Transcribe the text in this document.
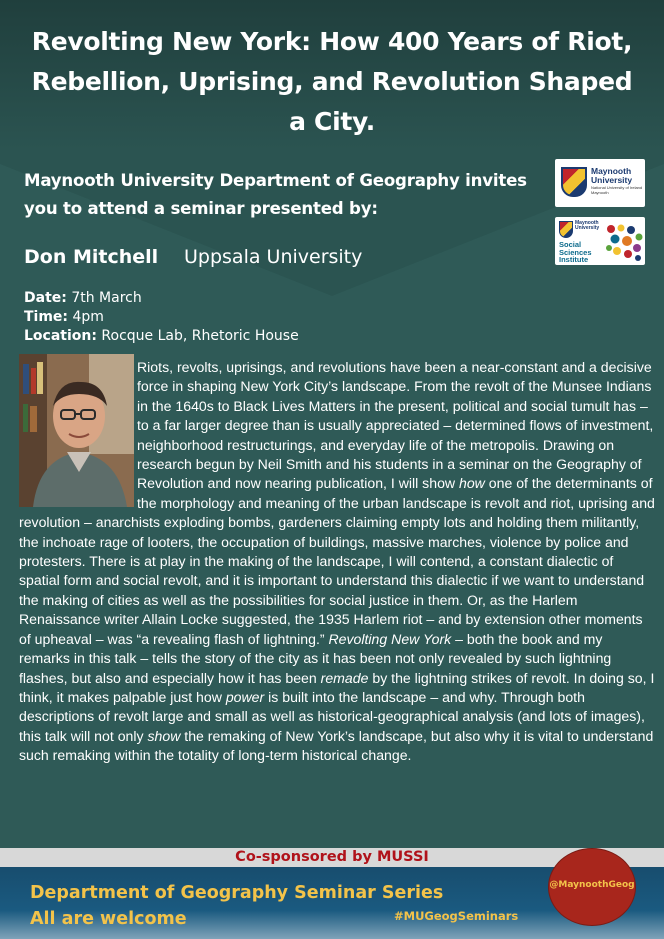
Revolting New York: How 400 Years of Riot, Rebellion, Uprising, and Revolution Shaped a City.

Maynooth University Department of Geography invites you to attend a seminar presented by:

Maynooth
University
National University of Ireland Maynooth
Maynooth
University
Social
Sciences
Institute
Don Mitchell Uppsala University
Date: 7th March
Time: 4pm
Location: Rocque Lab, Rhetoric House
Riots, revolts, uprisings, and revolutions have been a near-constant and a decisive force in shaping New York City’s landscape. From the revolt of the Munsee Indians in the 1640s to Black Lives Matters in the present, political and social tumult has – to a far larger degree than is usually appreciated – determined flows of investment, neighborhood restructurings, and everyday life of the metropolis. Drawing on research begun by Neil Smith and his students in a seminar on the Geography of Revolution and now nearing publication, I will show how one of the determinants of the morphology and meaning of the urban landscape is revolt and riot, uprising and revolution – anarchists exploding bombs, gardeners claiming empty lots and holding them militantly, the inchoate rage of looters, the occupation of buildings, massive marches, violence by police and protesters. There is at play in the making of the landscape, I will contend, a constant dialectic of spatial form and social revolt, and it is important to understand this dialectic if we want to understand the making of cities as well as the possibilities for social justice in them. Or, as the Harlem Renaissance writer Allain Locke suggested, the 1935 Harlem riot – and by extension other moments of upheaval – was “a revealing flash of lightning.” Revolting New York – both the book and my remarks in this talk – tells the story of the city as it has been not only revealed by such lightning flashes, but also and especially how it has been remade by the lightning strikes of revolt. In doing so, I think, it makes palpable just how power is built into the landscape – and why. Through both descriptions of revolt large and small as well as historical-geographical analysis (and lots of images), this talk will not only show the remaking of New York’s landscape, but also why it is vital to understand such remaking within the totality of long-term historical change.
Co-sponsored by MUSSI
Department of Geography Seminar Series
All are welcome	#MUGeogSeminars
@MaynoothGeog
